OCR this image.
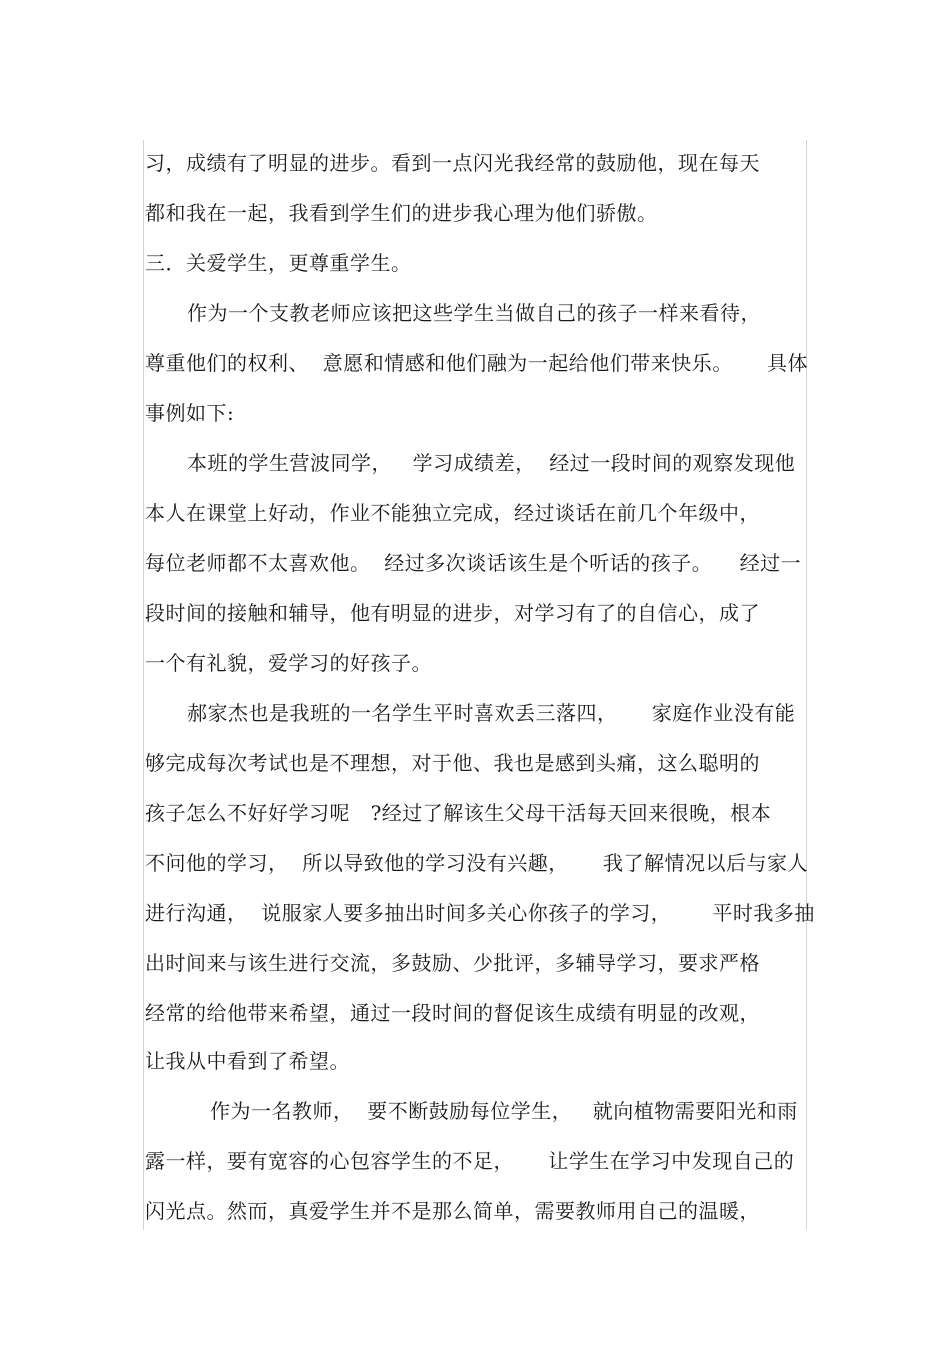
习，成绩有了明显的进步。看到一点闪光我经常的鼓励他，现在每天
都和我在一起，我看到学生们的进步我心理为他们骄傲。
三．关爱学生，更尊重学生。
作为一个支教老师应该把这些学生当做自己的孩子一样来看待，
尊重他们的权利、  意愿和情感和他们融为一起给他们带来快乐。     具体
事例如下:
本班的学生营波同学，   学习成绩差，  经过一段时间的观察发现他
本人在课堂上好动，作业不能独立完成，经过谈话在前几个年级中，
每位老师都不太喜欢他。  经过多次谈话该生是个听话的孩子。    经过一
段时间的接触和辅导，他有明显的进步，对学习有了的自信心，成了
一个有礼貌，爱学习的好孩子。
郝家杰也是我班的一名学生平时喜欢丢三落四，     家庭作业没有能
够完成每次考试也是不理想，对于他、我也是感到头痛，这么聪明的
孩子怎么不好好学习呢   ?经过了解该生父母干活每天回来很晚，根本
不问他的学习，  所以导致他的学习没有兴趣，     我了解情况以后与家人
进行沟通，  说服家人要多抽出时间多关心你孩子的学习，      平时我多抽
出时间来与该生进行交流，多鼓励、少批评，多辅导学习，要求严格
经常的给他带来希望，通过一段时间的督促该生成绩有明显的改观，
让我从中看到了希望。
作为一名教师，  要不断鼓励每位学生，   就向植物需要阳光和雨
露一样，要有宽容的心包容学生的不足，     让学生在学习中发现自己的
闪光点。然而，真爱学生并不是那么简单，需要教师用自己的温暖，
